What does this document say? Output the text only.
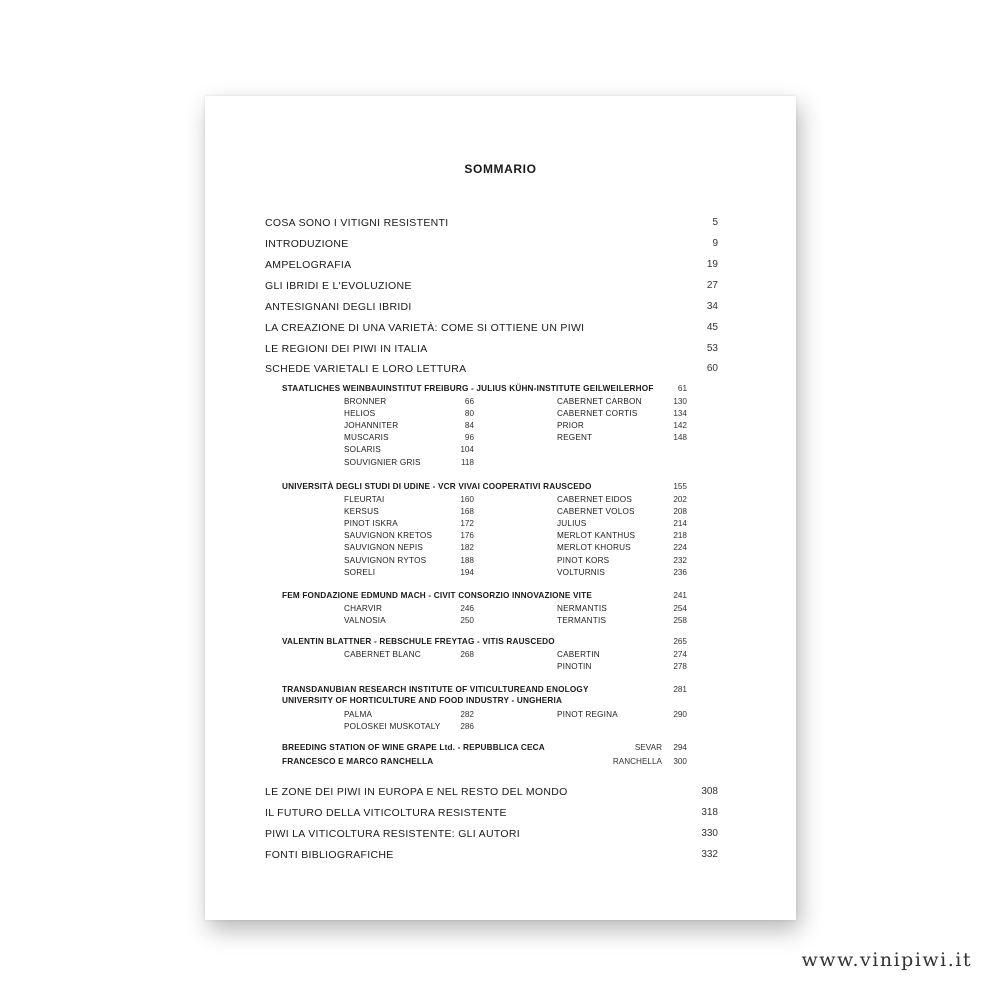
SOMMARIO
COSA SONO I VITIGNI RESISTENTI	5
INTRODUZIONE	9
AMPELOGRAFIA	19
GLI IBRIDI E L'EVOLUZIONE	27
ANTESIGNANI DEGLI IBRIDI	34
LA CREAZIONE DI UNA VARIETÀ: COME SI OTTIENE UN PIWI	45
LE REGIONI DEI PIWI IN ITALIA	53
SCHEDE VARIETALI E LORO LETTURA	60
STAATLICHES WEINBAUINSTITUT FREIBURG - JULIUS KÜHN-INSTITUTE GEILWEILERHOF	61
BRONNER	66
HELIOS	80
JOHANNITER	84
MUSCARIS	96
SOLARIS	104
SOUVIGNIER GRIS	118
CABERNET CARBON	130
CABERNET CORTIS	134
PRIOR	142
REGENT	148
UNIVERSITÀ DEGLI STUDI DI UDINE - VCR VIVAI COOPERATIVI RAUSCEDO	155
FLEURTAI	160
KERSUS	168
PINOT ISKRA	172
SAUVIGNON KRETOS	176
SAUVIGNON NEPIS	182
SAUVIGNON RYTOS	188
SORELI	194
CABERNET EIDOS	202
CABERNET VOLOS	208
JULIUS	214
MERLOT KANTHUS	218
MERLOT KHORUS	224
PINOT KORS	232
VOLTURNIS	236
FEM FONDAZIONE EDMUND MACH - CIVIT CONSORZIO INNOVAZIONE VITE	241
CHARVIR	246
VALNOSIA	250
NERMANTIS	254
TERMANTIS	258
VALENTIN BLATTNER - REBSCHULE FREYTAG - VITIS RAUSCEDO	265
CABERNET BLANC	268	CABERTIN	274
PINOTIN	278
TRANSDANUBIAN RESEARCH INSTITUTE OF VITICULTUREAND ENOLOGY	281
UNIVERSITY OF HORTICULTURE AND FOOD INDUSTRY - UNGHERIA
PALMA	282
POLOSKEI MUSKOTALY	286
PINOT REGINA	290
BREEDING STATION OF WINE GRAPE Ltd. - REPUBBLICA CECA	SEVAR 294
FRANCESCO E MARCO RANCHELLA	RANCHELLA 300
LE ZONE DEI PIWI IN EUROPA E NEL RESTO DEL MONDO	308
IL FUTURO DELLA VITICOLTURA RESISTENTE	318
PIWI LA VITICOLTURA RESISTENTE: GLI AUTORI	330
FONTI BIBLIOGRAFICHE	332
www.vinipiwi.it
